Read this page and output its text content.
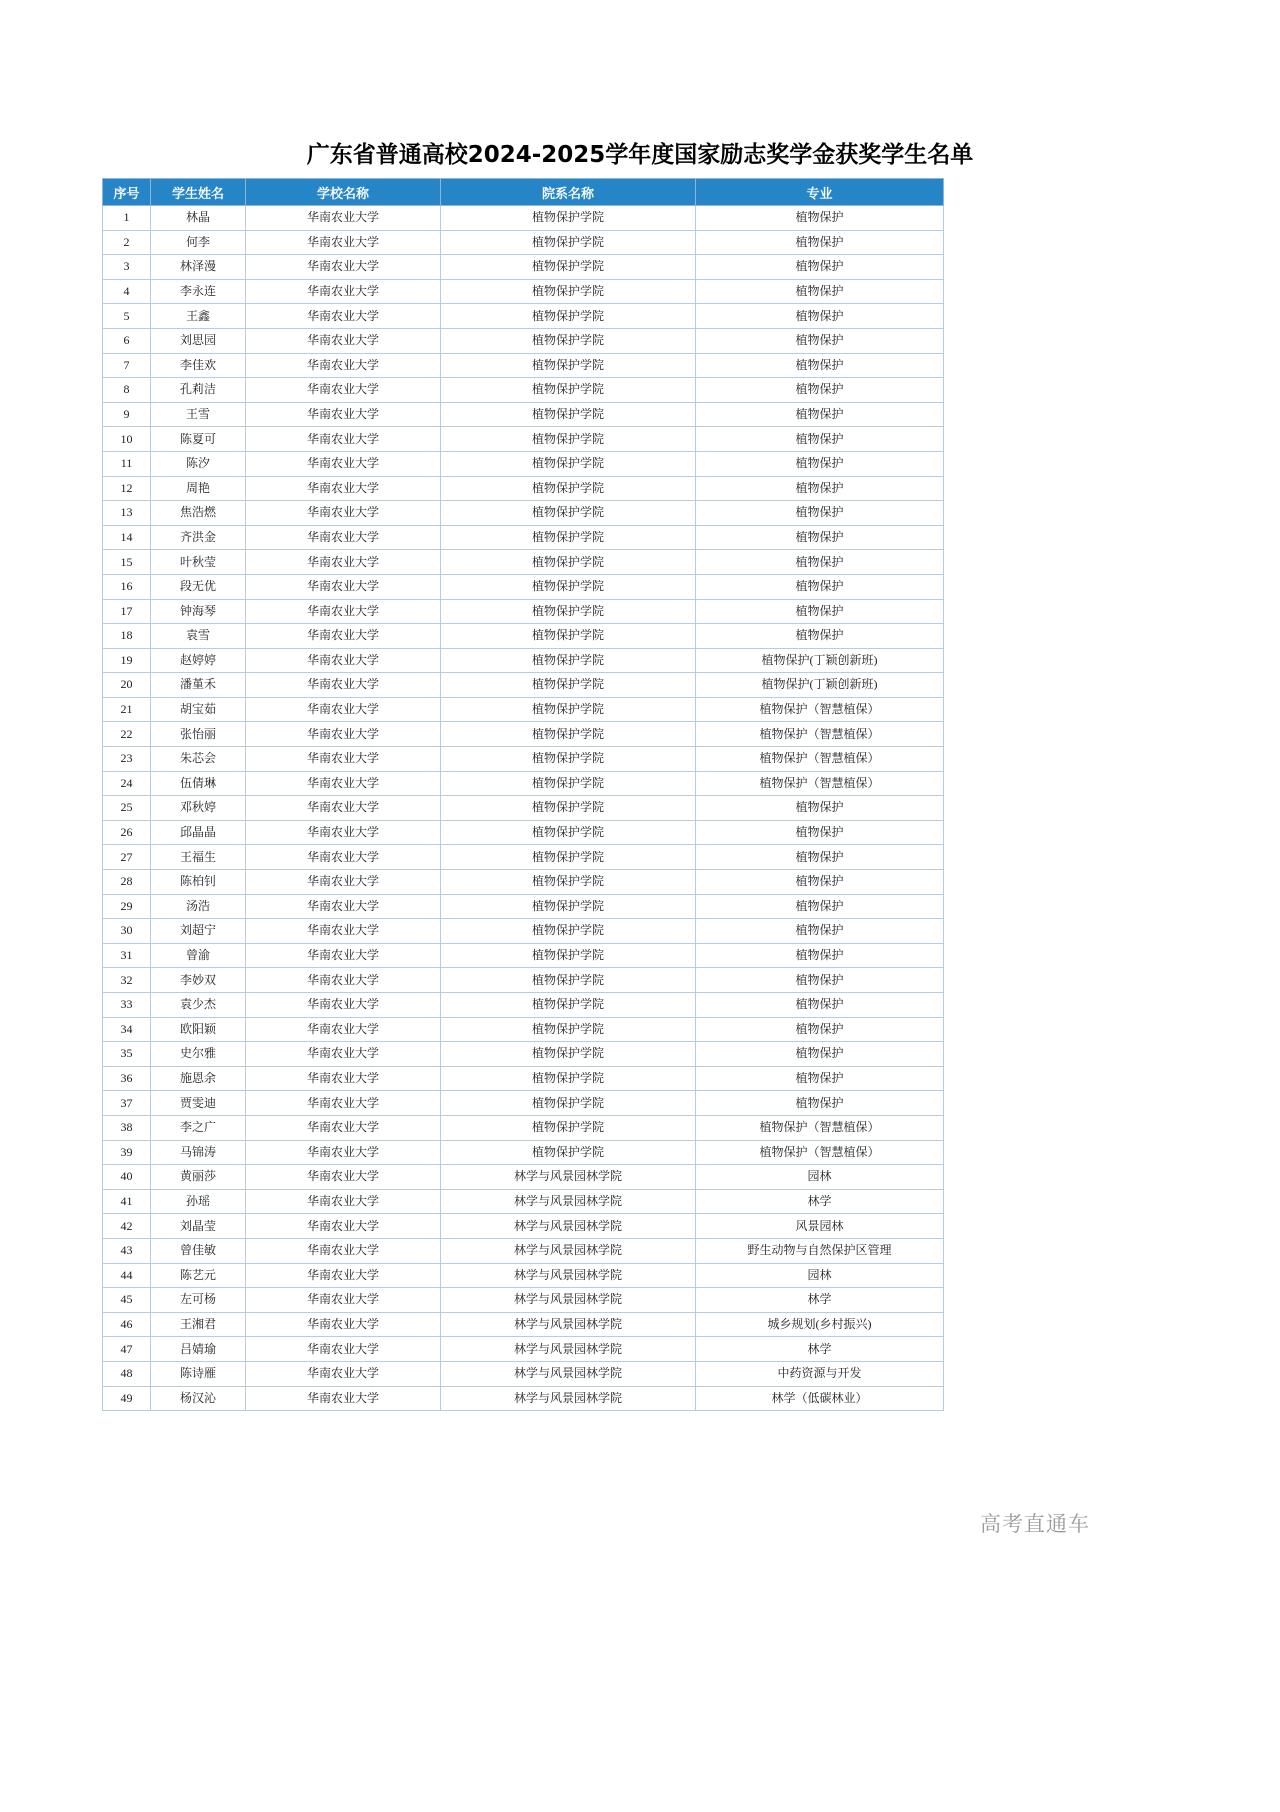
广东省普通高校2024-2025学年度国家励志奖学金获奖学生名单
序号	学生姓名	学校名称	院系名称	专业
1	林晶	华南农业大学	植物保护学院	植物保护
2	何李	华南农业大学	植物保护学院	植物保护
3	林泽漫	华南农业大学	植物保护学院	植物保护
4	李永连	华南农业大学	植物保护学院	植物保护
5	王鑫	华南农业大学	植物保护学院	植物保护
6	刘思园	华南农业大学	植物保护学院	植物保护
7	李佳欢	华南农业大学	植物保护学院	植物保护
8	孔莉洁	华南农业大学	植物保护学院	植物保护
9	王雪	华南农业大学	植物保护学院	植物保护
10	陈夏可	华南农业大学	植物保护学院	植物保护
11	陈汐	华南农业大学	植物保护学院	植物保护
12	周艳	华南农业大学	植物保护学院	植物保护
13	焦浩燃	华南农业大学	植物保护学院	植物保护
14	齐洪金	华南农业大学	植物保护学院	植物保护
15	叶秋莹	华南农业大学	植物保护学院	植物保护
16	段无优	华南农业大学	植物保护学院	植物保护
17	钟海琴	华南农业大学	植物保护学院	植物保护
18	袁雪	华南农业大学	植物保护学院	植物保护
19	赵婷婷	华南农业大学	植物保护学院	植物保护(丁颖创新班)
20	潘堇禾	华南农业大学	植物保护学院	植物保护(丁颖创新班)
21	胡宝茹	华南农业大学	植物保护学院	植物保护（智慧植保）
22	张怡丽	华南农业大学	植物保护学院	植物保护（智慧植保）
23	朱芯会	华南农业大学	植物保护学院	植物保护（智慧植保）
24	伍倩琳	华南农业大学	植物保护学院	植物保护（智慧植保）
25	邓秋婷	华南农业大学	植物保护学院	植物保护
26	邱晶晶	华南农业大学	植物保护学院	植物保护
27	王福生	华南农业大学	植物保护学院	植物保护
28	陈柏钊	华南农业大学	植物保护学院	植物保护
29	汤浩	华南农业大学	植物保护学院	植物保护
30	刘超宁	华南农业大学	植物保护学院	植物保护
31	曾渝	华南农业大学	植物保护学院	植物保护
32	李妙双	华南农业大学	植物保护学院	植物保护
33	袁少杰	华南农业大学	植物保护学院	植物保护
34	欧阳颖	华南农业大学	植物保护学院	植物保护
35	史尔雅	华南农业大学	植物保护学院	植物保护
36	施恩余	华南农业大学	植物保护学院	植物保护
37	贾雯迪	华南农业大学	植物保护学院	植物保护
38	李之广	华南农业大学	植物保护学院	植物保护（智慧植保）
39	马锦涛	华南农业大学	植物保护学院	植物保护（智慧植保）
40	黄丽莎	华南农业大学	林学与风景园林学院	园林
41	孙瑶	华南农业大学	林学与风景园林学院	林学
42	刘晶莹	华南农业大学	林学与风景园林学院	风景园林
43	曾佳敏	华南农业大学	林学与风景园林学院	野生动物与自然保护区管理
44	陈艺元	华南农业大学	林学与风景园林学院	园林
45	左可杨	华南农业大学	林学与风景园林学院	林学
46	王湘君	华南农业大学	林学与风景园林学院	城乡规划(乡村振兴)
47	吕婧瑜	华南农业大学	林学与风景园林学院	林学
48	陈诗雁	华南农业大学	林学与风景园林学院	中药资源与开发
49	杨汉沁	华南农业大学	林学与风景园林学院	林学（低碳林业）
高考直通车
